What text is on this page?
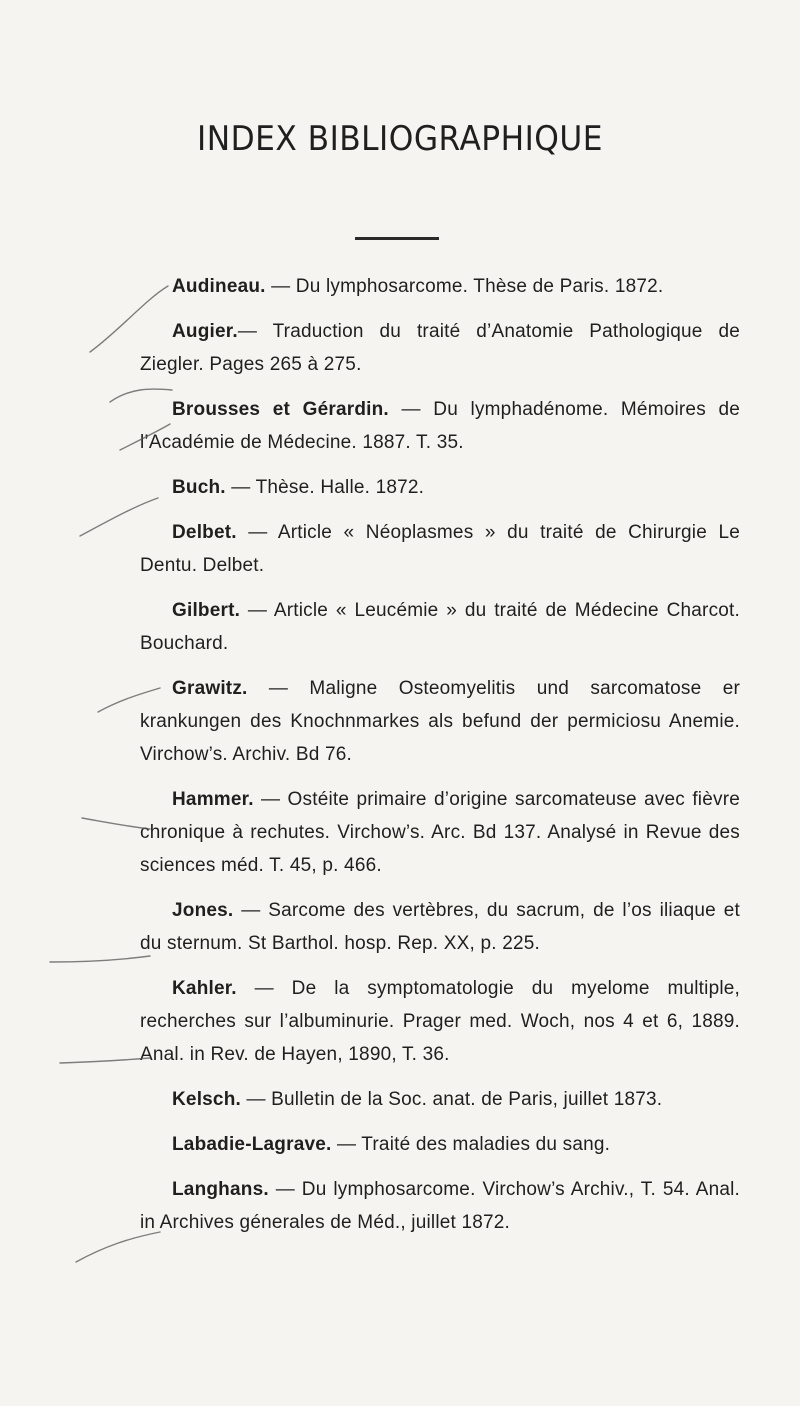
INDEX BIBLIOGRAPHIQUE

Audineau. — Du lymphosarcome. Thèse de Paris. 1872.

Augier.— Traduction du traité d’Anatomie Pathologique de Ziegler. Pages 265 à 275.

Brousses et Gérardin. — Du lymphadénome. Mémoires de l’Académie de Médecine. 1887. T. 35.

Buch. — Thèse. Halle. 1872.

Delbet. — Article « Néoplasmes » du traité de Chirurgie Le Dentu. Delbet.

Gilbert. — Article « Leucémie » du traité de Médecine Charcot. Bouchard.

Grawitz. — Maligne Osteomyelitis und sarcomatose er krankungen des Knochnmarkes als befund der permiciosu Anemie. Virchow’s. Archiv. Bd 76.

Hammer. — Ostéite primaire d’origine sarcomateuse avec fièvre chronique à rechutes. Virchow’s. Arc. Bd 137. Analysé in Revue des sciences méd. T. 45, p. 466.

Jones. — Sarcome des vertèbres, du sacrum, de l’os iliaque et du sternum. St Barthol. hosp. Rep. XX, p. 225.

Kahler. — De la symptomatologie du myelome multiple, recherches sur l’albuminurie. Prager med. Woch, nos 4 et 6, 1889. Anal. in Rev. de Hayen, 1890, T. 36.

Kelsch. — Bulletin de la Soc. anat. de Paris, juillet 1873.

Labadie-Lagrave. — Traité des maladies du sang.

Langhans. — Du lymphosarcome. Virchow’s Archiv., T. 54. Anal. in Archives génerales de Méd., juillet 1872.
